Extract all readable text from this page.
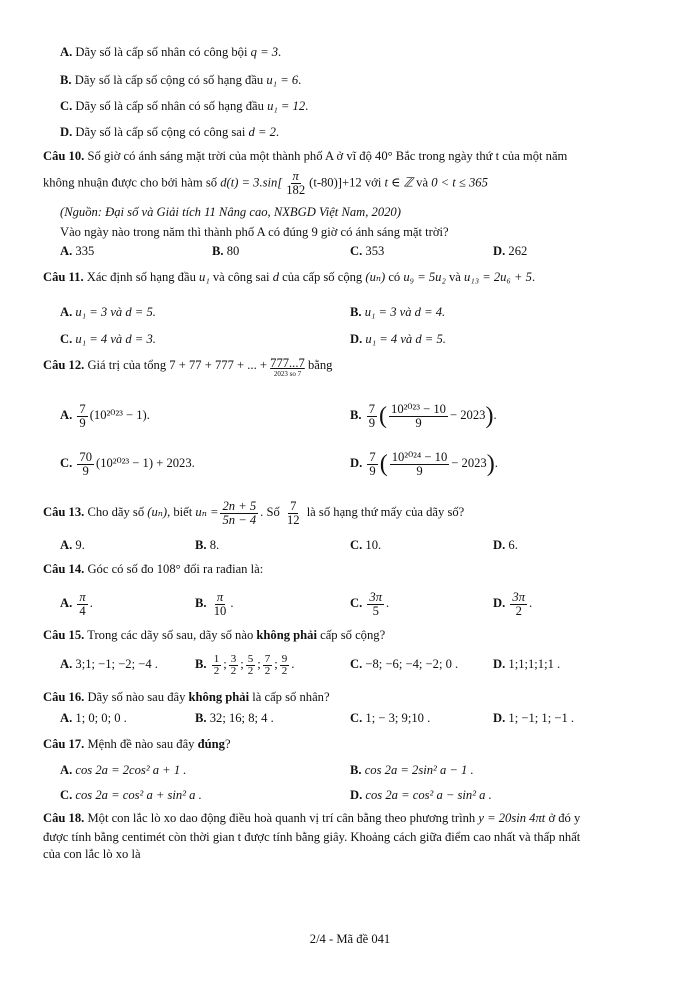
A. Dãy số là cấp số nhân có công bội q = 3.
B. Dãy số là cấp số cộng có số hạng đầu u₁ = 6.
C. Dãy số là cấp số nhân có số hạng đầu u₁ = 12.
D. Dãy số là cấp số cộng có công sai d = 2.
Câu 10. Số giờ có ánh sáng mặt trời của một thành phố A ở vĩ độ 40° Bắc trong ngày thứ t của một năm
không nhuận được cho bởi hàm số $d(t) = 3.\sin[ \frac{\pi}{182} (t-80)]+12$ với t ∈ ℤ và 0 < t ≤ 365
(Nguồn: Đại số và Giải tích 11 Nâng cao, NXBGD Việt Nam, 2020)
Vào ngày nào trong năm thì thành phố A có đúng 9 giờ có ánh sáng mặt trời?
A. 335	B. 80	C. 353	D. 262
Câu 11. Xác định số hạng đầu u₁ và công sai d của cấp số cộng (uₙ) có u₉ = 5u₂ và u₁₃ = 2u₆ + 5.
A. u₁ = 3 và d = 5.	B. u₁ = 3 và d = 4.
C. u₁ = 4 và d = 3.	D. u₁ = 4 và d = 5.
Câu 12. Giá trị của tổng 7 + 77 + 777 + ... + 777...7
2023 so 7
bằng
A. $\frac{7}{9} (10^{2023} - 1)$.	B. $\frac{7}{9}$ ( $\frac{\text{10²⁰²³ − 10}}{9} - 2023$).
C. $\frac{70}{9} (10^{2023} - 1) + 2023$.	D. $\frac{7}{9}$ ( $\frac{\text{10²⁰²⁴ − 10}}{9} - 2023$).
Câu 13. Cho dãy số (uₙ), biết $u_n = \frac{2n + 5}{5n - 4}$ . Số $\frac{7}{12}$ là số hạng thứ mấy của dãy số?
A. 9.	B. 8.	C. 10.	D. 6.
Câu 14. Góc có số đo 108° đổi ra rađian là:
A. $\frac{\pi}{4}$ .	B. $\frac{\pi}{10}$ .	C. $\frac{3\pi}{5}$ .	D. $\frac{3\pi}{2}$ .
Câu 15. Trong các dãy số sau, dãy số nào không phải cấp số cộng?
A. 3;1; −1; −2; −4 .	B. $\frac{1}{2}$ ; $\frac{3}{2}$ ; $\frac{5}{2}$ ; $\frac{7}{2}$ ; $\frac{9}{2}$ .	C. −8; −6; −4; −2; 0 .	D. 1;1;1;1;1 .
Câu 16. Dãy số nào sau đây không phải là cấp số nhân?
A. 1; 0; 0; 0 .	B. 32; 16; 8; 4 .	C. 1; − 3; 9;10 .	D. 1; −1; 1; −1 .
Câu 17. Mệnh đề nào sau đây đúng?
A. cos 2a = 2cos² a + 1 .	B. cos 2a = 2sin² a − 1 .
C. cos 2a = cos² a + sin² a .	D. cos 2a = cos² a − sin² a .
Câu 18. Một con lắc lò xo dao động điều hoà quanh vị trí cân bằng theo phương trình y = 20sin 4πt ở đó y
được tính bằng centimét còn thời gian t được tính bằng giây. Khoảng cách giữa điểm cao nhất và thấp nhất
của con lắc lò xo là
2/4 - Mã đề 041
